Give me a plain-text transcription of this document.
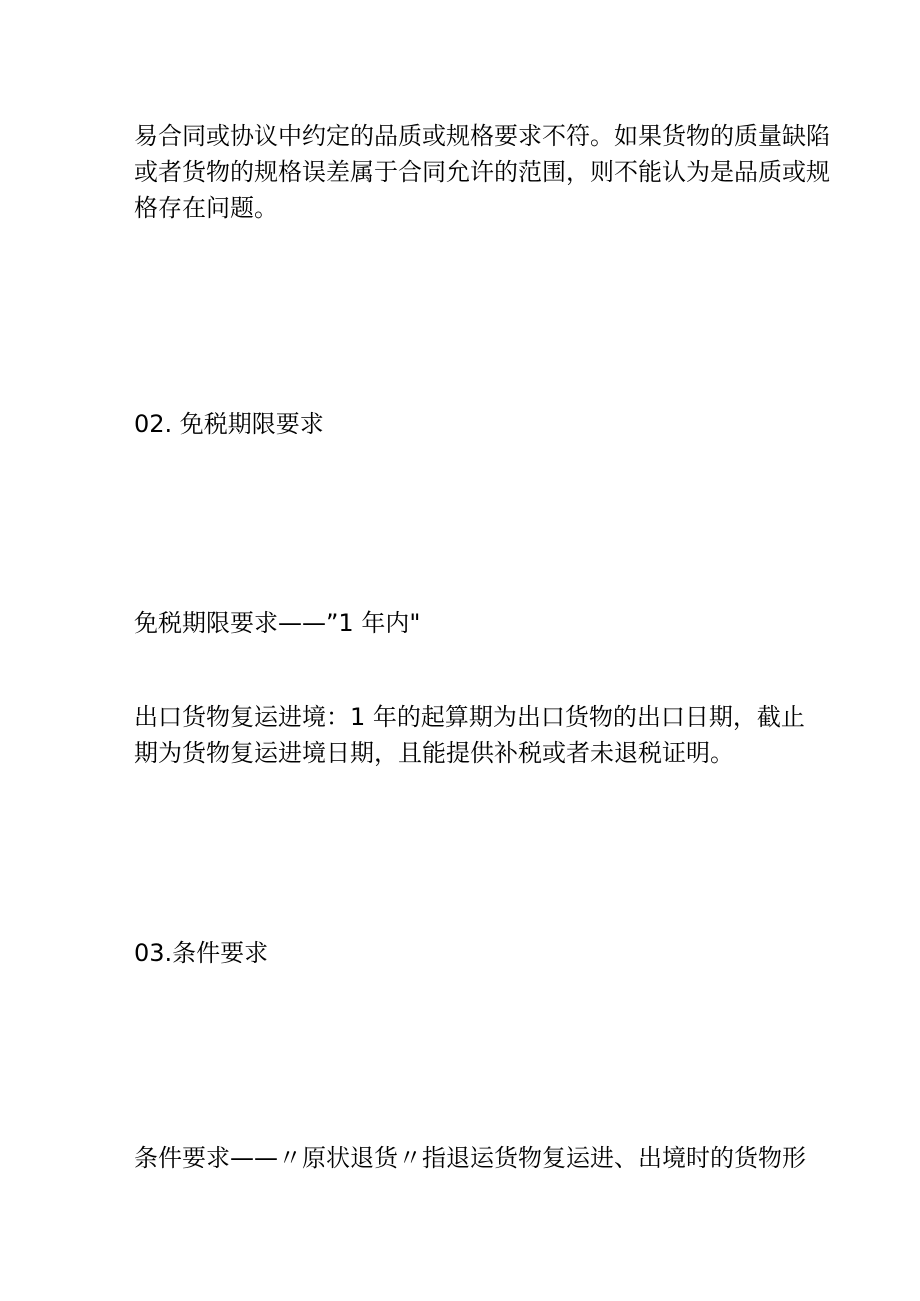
易合同或协议中约定的品质或规格要求不符。如果货物的质量缺陷
或者货物的规格误差属于合同允许的范围，则不能认为是品质或规
格存在问题。
02. 免税期限要求
免税期限要求——”1 年内"
出口货物复运进境：1 年的起算期为出口货物的出口日期，截止
期为货物复运进境日期，且能提供补税或者未退税证明。
03.条件要求
条件要求——〃原状退货〃指退运货物复运进、出境时的货物形
